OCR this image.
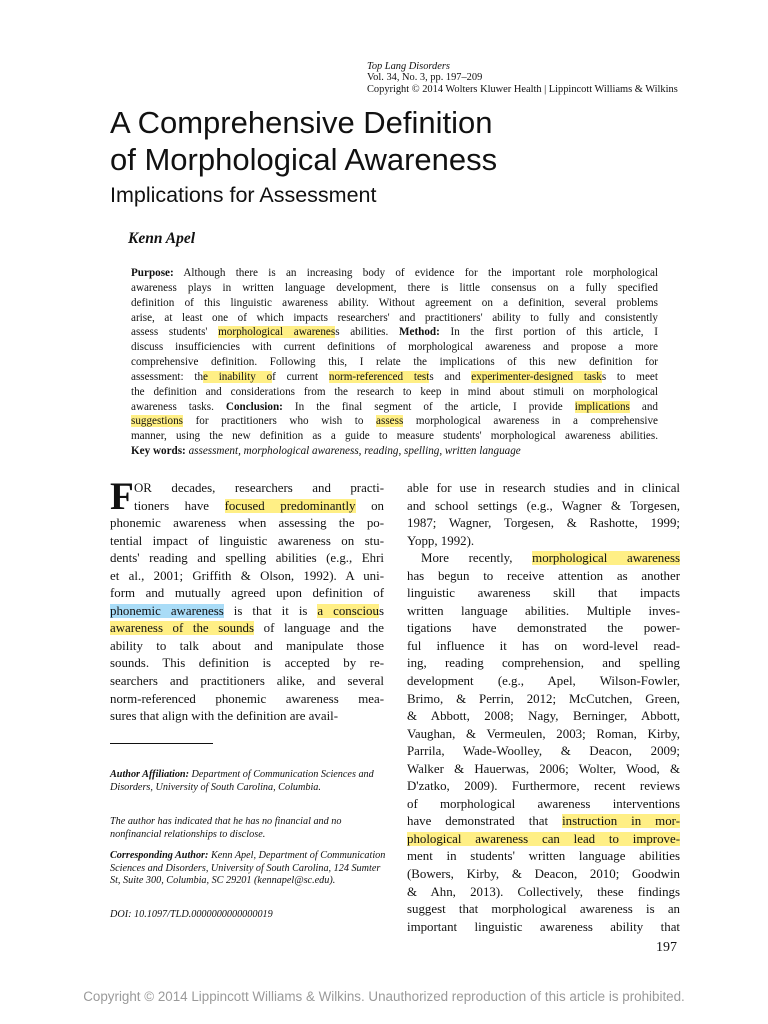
Top Lang Disorders
Vol. 34, No. 3, pp. 197–209
Copyright © 2014 Wolters Kluwer Health | Lippincott Williams & Wilkins
A Comprehensive Definition
of Morphological Awareness
Implications for Assessment
Kenn Apel
Purpose: Although there is an increasing body of evidence for the important role morphological
awareness plays in written language development, there is little consensus on a fully specified
definition of this linguistic awareness ability. Without agreement on a definition, several problems
arise, at least one of which impacts researchers' and practitioners' ability to fully and consistently
assess students' morphological awareness abilities. Method: In the first portion of this article, I
discuss insufficiencies with current definitions of morphological awareness and propose a more
comprehensive definition. Following this, I relate the implications of this new definition for
assessment: the inability of current norm-referenced tests and experimenter-designed tasks to meet
the definition and considerations from the research to keep in mind about stimuli on morphological
awareness tasks. Conclusion: In the final segment of the article, I provide implications and
suggestions for practitioners who wish to assess morphological awareness in a comprehensive
manner, using the new definition as a guide to measure students' morphological awareness abilities.
Key words: assessment, morphological awareness, reading, spelling, written language
F OR decades, researchers and practi-
tioners have focused predominantly on
phonemic awareness when assessing the po-
tential impact of linguistic awareness on stu-
dents' reading and spelling abilities (e.g., Ehri
et al., 2001; Griffith & Olson, 1992). A uni-
form and mutually agreed upon definition of
phonemic awareness is that it is a conscious
awareness of the sounds of language and the
ability to talk about and manipulate those
sounds. This definition is accepted by re-
searchers and practitioners alike, and several
norm-referenced phonemic awareness mea-
sures that align with the definition are avail-
Author Affiliation: Department of Communication Sciences and Disorders, University of South Carolina, Columbia.
The author has indicated that he has no financial and no nonfinancial relationships to disclose.
Corresponding Author: Kenn Apel, Department of Communication Sciences and Disorders, University of South Carolina, 124 Sumter St, Suite 300, Columbia, SC 29201 (kennapel@sc.edu).
DOI: 10.1097/TLD.0000000000000019
able for use in research studies and in clinical
and school settings (e.g., Wagner & Torgesen,
1987; Wagner, Torgesen, & Rashotte, 1999;
Yopp, 1992).
More recently, morphological awareness
has begun to receive attention as another
linguistic awareness skill that impacts
written language abilities. Multiple inves-
tigations have demonstrated the power-
ful influence it has on word-level read-
ing, reading comprehension, and spelling
development (e.g., Apel, Wilson-Fowler,
Brimo, & Perrin, 2012; McCutchen, Green,
& Abbott, 2008; Nagy, Berninger, Abbott,
Vaughan, & Vermeulen, 2003; Roman, Kirby,
Parrila, Wade-Woolley, & Deacon, 2009;
Walker & Hauerwas, 2006; Wolter, Wood, &
D'zatko, 2009). Furthermore, recent reviews
of morphological awareness interventions
have demonstrated that instruction in mor-
phological awareness can lead to improve-
ment in students' written language abilities
(Bowers, Kirby, & Deacon, 2010; Goodwin
& Ahn, 2013). Collectively, these findings
suggest that morphological awareness is an
important linguistic awareness ability that
197
Copyright © 2014 Lippincott Williams & Wilkins. Unauthorized reproduction of this article is prohibited.
